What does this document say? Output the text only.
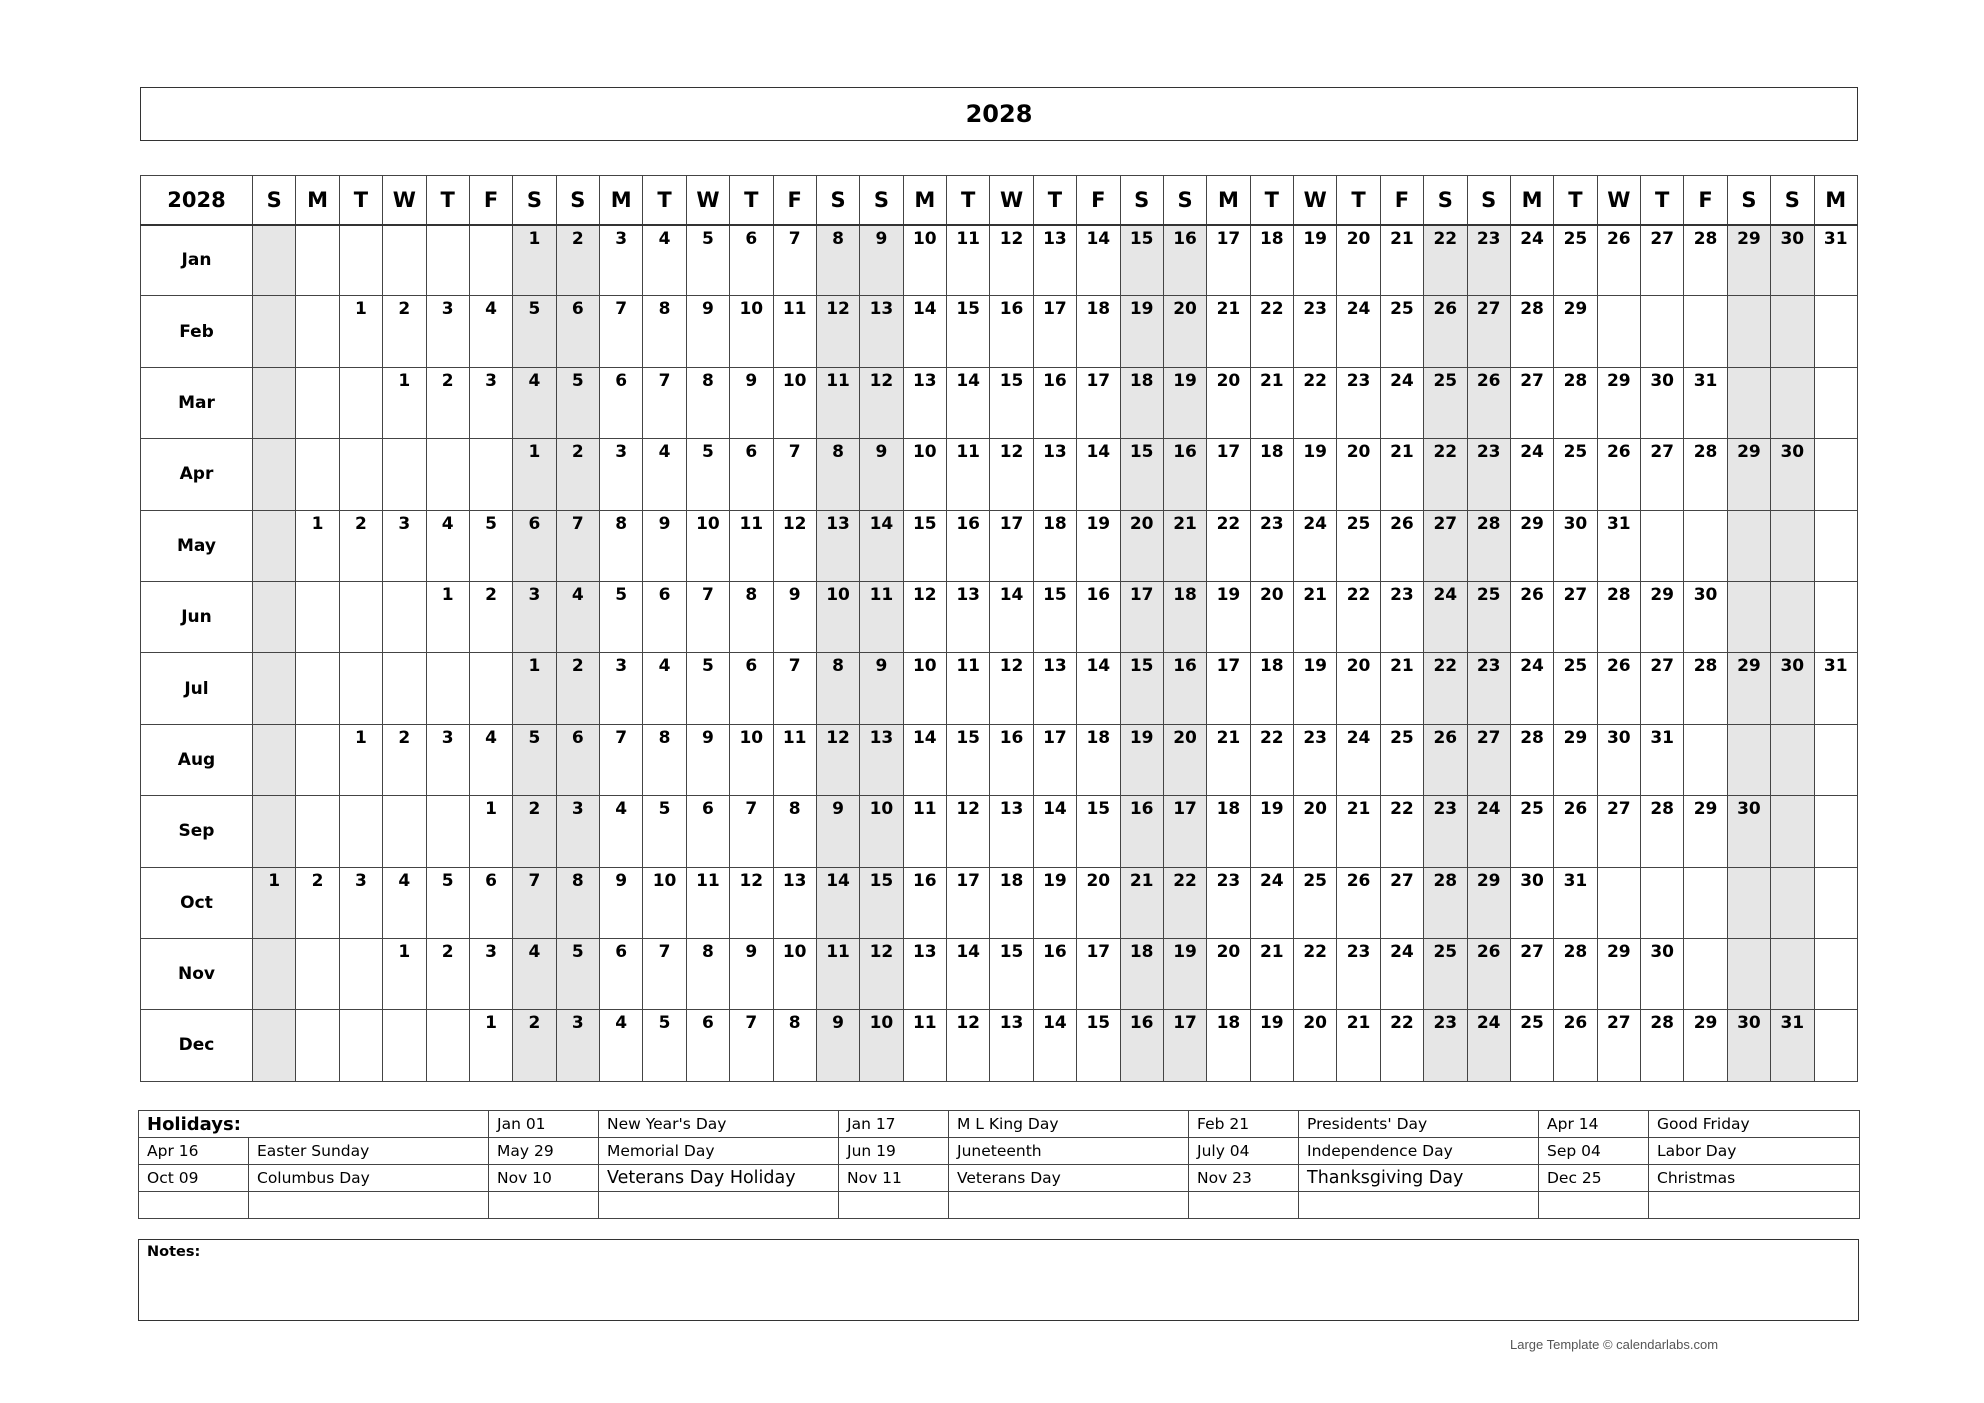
2028
2028	S	M	T	W	T	F	S	S	M	T	W	T	F	S	S	M	T	W	T	F	S	S	M	T	W	T	F	S	S	M	T	W	T	F	S	S	M
Jan							1	2	3	4	5	6	7	8	9	10	11	12	13	14	15	16	17	18	19	20	21	22	23	24	25	26	27	28	29	30	31
Feb			1	2	3	4	5	6	7	8	9	10	11	12	13	14	15	16	17	18	19	20	21	22	23	24	25	26	27	28	29						
Mar				1	2	3	4	5	6	7	8	9	10	11	12	13	14	15	16	17	18	19	20	21	22	23	24	25	26	27	28	29	30	31			
Apr							1	2	3	4	5	6	7	8	9	10	11	12	13	14	15	16	17	18	19	20	21	22	23	24	25	26	27	28	29	30	
May		1	2	3	4	5	6	7	8	9	10	11	12	13	14	15	16	17	18	19	20	21	22	23	24	25	26	27	28	29	30	31					
Jun					1	2	3	4	5	6	7	8	9	10	11	12	13	14	15	16	17	18	19	20	21	22	23	24	25	26	27	28	29	30			
Jul							1	2	3	4	5	6	7	8	9	10	11	12	13	14	15	16	17	18	19	20	21	22	23	24	25	26	27	28	29	30	31
Aug			1	2	3	4	5	6	7	8	9	10	11	12	13	14	15	16	17	18	19	20	21	22	23	24	25	26	27	28	29	30	31				
Sep						1	2	3	4	5	6	7	8	9	10	11	12	13	14	15	16	17	18	19	20	21	22	23	24	25	26	27	28	29	30		
Oct	1	2	3	4	5	6	7	8	9	10	11	12	13	14	15	16	17	18	19	20	21	22	23	24	25	26	27	28	29	30	31						
Nov				1	2	3	4	5	6	7	8	9	10	11	12	13	14	15	16	17	18	19	20	21	22	23	24	25	26	27	28	29	30				
Dec						1	2	3	4	5	6	7	8	9	10	11	12	13	14	15	16	17	18	19	20	21	22	23	24	25	26	27	28	29	30	31	
Holidays:		Jan 01	New Year's Day	Jan 17	M L King Day	Feb 21	Presidents' Day	Apr 14	Good Friday
Apr 16	Easter Sunday	May 29	Memorial Day	Jun 19	Juneteenth	July 04	Independence Day	Sep 04	Labor Day
Oct 09	Columbus Day	Nov 10	Veterans Day Holiday	Nov 11	Veterans Day	Nov 23	Thanksgiving Day	Dec 25	Christmas

Notes:
Large Template © calendarlabs.com
